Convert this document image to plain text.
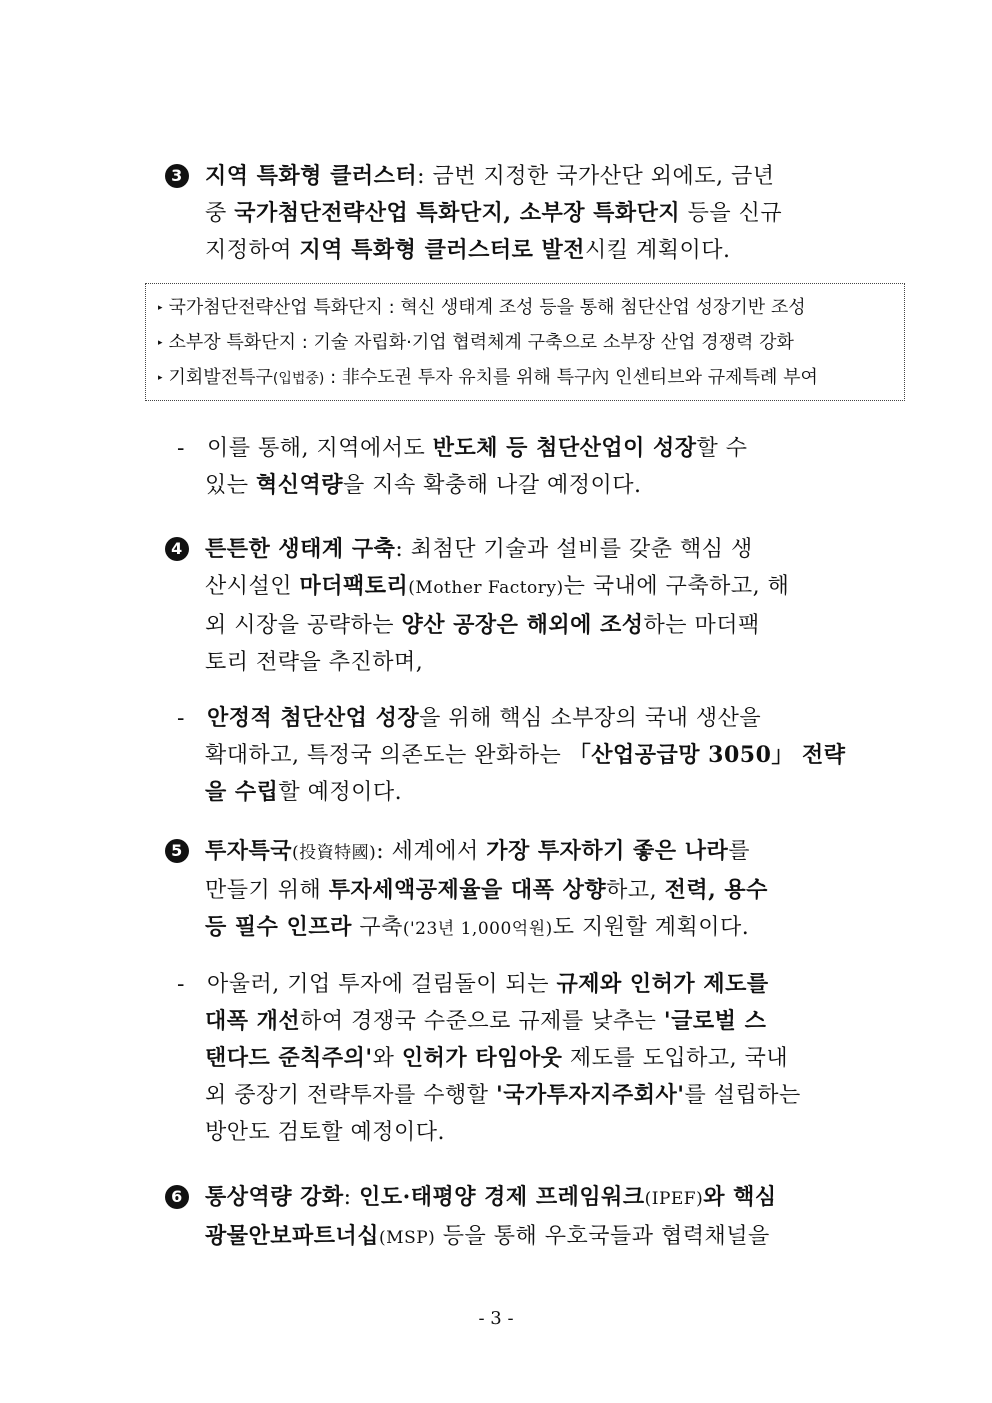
3 지역 특화형 클러스터: 금번 지정한 국가산단 외에도, 금년
중 국가첨단전략산업 특화단지, 소부장 특화단지 등을 신규
지정하여 지역 특화형 클러스터로 발전시킬 계획이다.
▸ 국가첨단전략산업 특화단지 : 혁신 생태계 조성 등을 통해 첨단산업 성장기반 조성
▸ 소부장 특화단지 : 기술 자립화·기업 협력체계 구축으로 소부장 산업 경쟁력 강화
▸ 기회발전특구(입법중) : 非수도권 투자 유치를 위해 특구內 인센티브와 규제특례 부여
- 이를 통해, 지역에서도 반도체 등 첨단산업이 성장할 수
있는 혁신역량을 지속 확충해 나갈 예정이다.
4 튼튼한 생태계 구축: 최첨단 기술과 설비를 갖춘 핵심 생
산시설인 마더팩토리(Mother Factory)는 국내에 구축하고, 해
외 시장을 공략하는 양산 공장은 해외에 조성하는 마더팩
토리 전략을 추진하며,
- 안정적 첨단산업 성장을 위해 핵심 소부장의 국내 생산을
확대하고, 특정국 의존도는 완화하는 「산업공급망 3050」 전략
을 수립할 예정이다.
5 투자특국(投資特國): 세계에서 가장 투자하기 좋은 나라를
만들기 위해 투자세액공제율을 대폭 상향하고, 전력, 용수
등 필수 인프라 구축('23년 1,000억원)도 지원할 계획이다.
- 아울러, 기업 투자에 걸림돌이 되는 규제와 인허가 제도를
대폭 개선하여 경쟁국 수준으로 규제를 낮추는 '글로벌 스
탠다드 준칙주의'와 인허가 타임아웃 제도를 도입하고, 국내
외 중장기 전략투자를 수행할 '국가투자지주회사'를 설립하는
방안도 검토할 예정이다.
6 통상역량 강화: 인도·태평양 경제 프레임워크(IPEF)와 핵심
광물안보파트너십(MSP) 등을 통해 우호국들과 협력채널을
- 3 -
